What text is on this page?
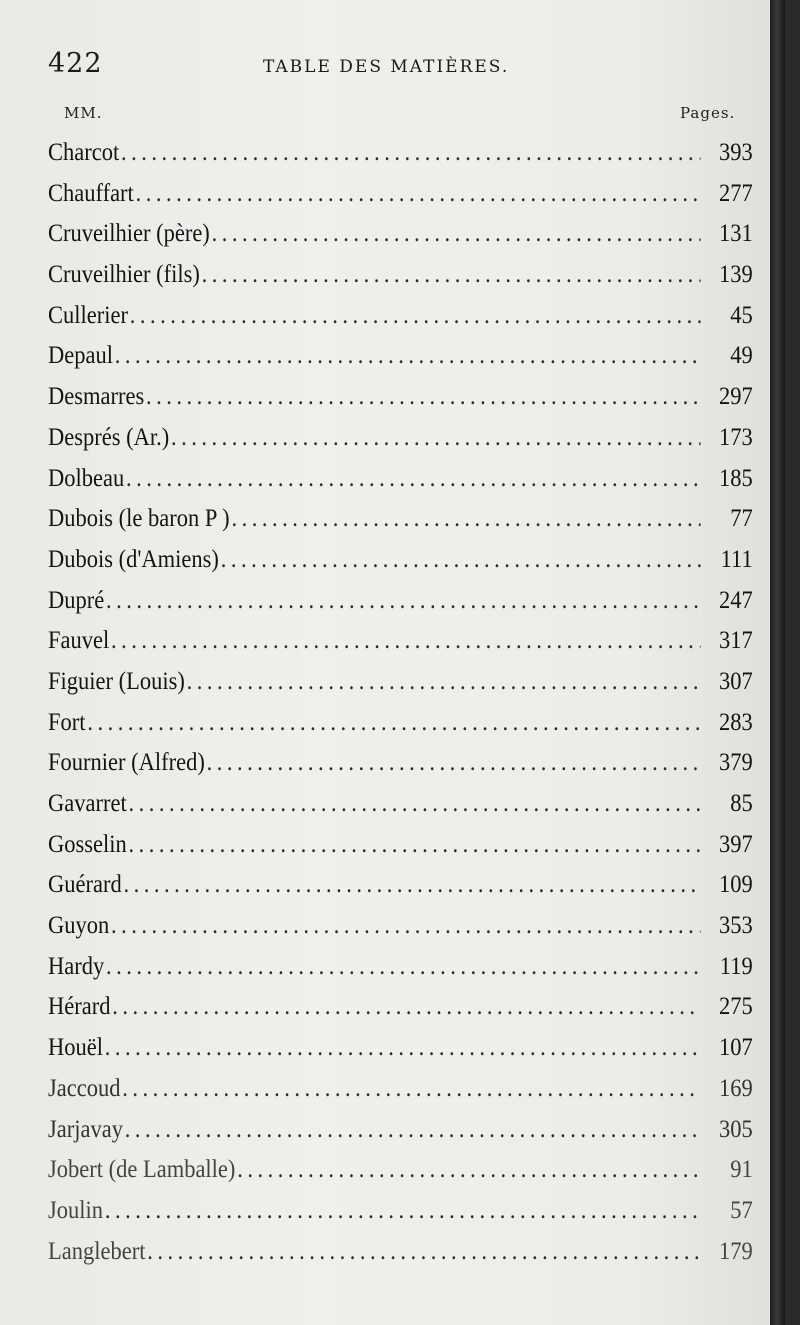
422	TABLE DES MATIÈRES.
MM.	Pages.
Charcot .....	393
Chauffart .....	277
Cruveilhier (père) .....	131
Cruveilhier (fils) .....	139
Cullerier .....	45
Depaul .....	49
Desmarres .....	297
Després (Ar.) .....	173
Dolbeau .....	185
Dubois (le baron P ) .....	77
Dubois (d'Amiens) .....	111
Dupré .....	247
Fauvel .....	317
Figuier (Louis) .....	307
Fort .....	283
Fournier (Alfred) .....	379
Gavarret .....	85
Gosselin .....	397
Guérard .....	109
Guyon .....	353
Hardy .....	119
Hérard .....	275
Houël .....	107
Jaccoud .....	169
Jarjavay .....	305
Jobert (de Lamballe) .....	91
Joulin .....	57
Langlebert .....	179
